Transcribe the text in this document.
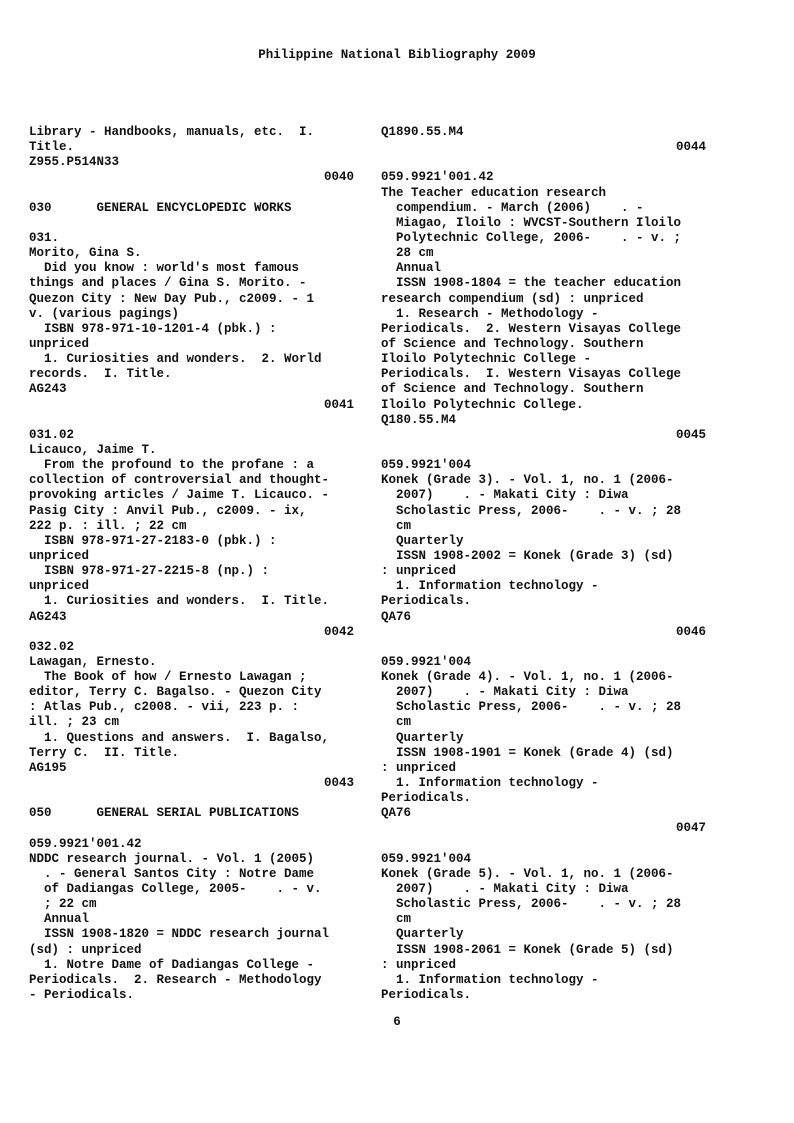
Philippine National Bibliography 2009
Library - Handbooks, manuals, etc.  I.
Title.
Z955.P514N33
0040
030      GENERAL ENCYCLOPEDIC WORKS
031.
Morito, Gina S.
Did you know : world's most famous
things and places / Gina S. Morito. -
Quezon City : New Day Pub., c2009. - 1
v. (various pagings)
ISBN 978-971-10-1201-4 (pbk.) :
unpriced
1. Curiosities and wonders.  2. World
records.  I. Title.
AG243
0041
031.02
Licauco, Jaime T.
From the profound to the profane : a
collection of controversial and thought-
provoking articles / Jaime T. Licauco. -
Pasig City : Anvil Pub., c2009. - ix,
222 p. : ill. ; 22 cm
ISBN 978-971-27-2183-0 (pbk.) :
unpriced
ISBN 978-971-27-2215-8 (np.) :
unpriced
1. Curiosities and wonders.  I. Title.
AG243
0042
032.02
Lawagan, Ernesto.
The Book of how / Ernesto Lawagan ;
editor, Terry C. Bagalso. - Quezon City
: Atlas Pub., c2008. - vii, 223 p. :
ill. ; 23 cm
1. Questions and answers.  I. Bagalso,
Terry C.  II. Title.
AG195
0043
050      GENERAL SERIAL PUBLICATIONS
059.9921'001.42
NDDC research journal. - Vol. 1 (2005)
. - General Santos City : Notre Dame
of Dadiangas College, 2005-    . - v.
; 22 cm
Annual
ISSN 1908-1820 = NDDC research journal
(sd) : unpriced
1. Notre Dame of Dadiangas College -
Periodicals.  2. Research - Methodology
- Periodicals.
Q1890.55.M4
0044
059.9921'001.42
The Teacher education research
compendium. - March (2006)    . -
Miagao, Iloilo : WVCST-Southern Iloilo
Polytechnic College, 2006-    . - v. ;
28 cm
Annual
ISSN 1908-1804 = the teacher education
research compendium (sd) : unpriced
1. Research - Methodology -
Periodicals.  2. Western Visayas College
of Science and Technology. Southern
Iloilo Polytechnic College -
Periodicals.  I. Western Visayas College
of Science and Technology. Southern
Iloilo Polytechnic College.
Q180.55.M4
0045
059.9921'004
Konek (Grade 3). - Vol. 1, no. 1 (2006-
2007)    . - Makati City : Diwa
Scholastic Press, 2006-    . - v. ; 28
cm
Quarterly
ISSN 1908-2002 = Konek (Grade 3) (sd)
: unpriced
1. Information technology -
Periodicals.
QA76
0046
059.9921'004
Konek (Grade 4). - Vol. 1, no. 1 (2006-
2007)    . - Makati City : Diwa
Scholastic Press, 2006-    . - v. ; 28
cm
Quarterly
ISSN 1908-1901 = Konek (Grade 4) (sd)
: unpriced
1. Information technology -
Periodicals.
QA76
0047
059.9921'004
Konek (Grade 5). - Vol. 1, no. 1 (2006-
2007)    . - Makati City : Diwa
Scholastic Press, 2006-    . - v. ; 28
cm
Quarterly
ISSN 1908-2061 = Konek (Grade 5) (sd)
: unpriced
1. Information technology -
Periodicals.
6
